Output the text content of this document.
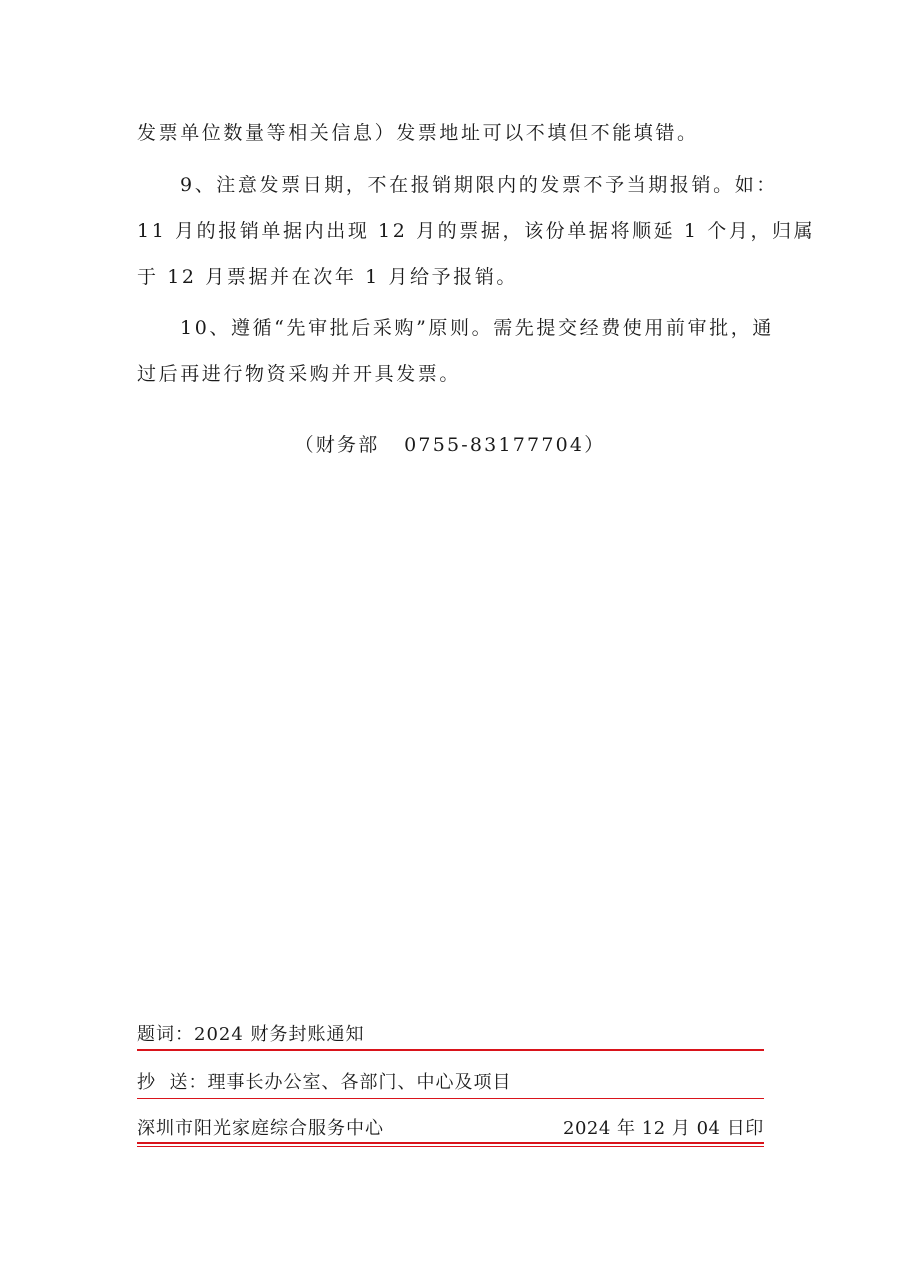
发票单位数量等相关信息）发票地址可以不填但不能填错。
9、注意发票日期，不在报销期限内的发票不予当期报销。如：
11 月的报销单据内出现 12 月的票据，该份单据将顺延 1 个月，归属
于 12 月票据并在次年 1 月给予报销。
10、遵循“先审批后采购”原则。需先提交经费使用前审批，通
过后再进行物资采购并开具发票。
（财务部   0755-83177704）
题词：2024 财务封账通知
抄  送：理事长办公室、各部门、中心及项目
深圳市阳光家庭综合服务中心	2024 年 12 月 04 日印
